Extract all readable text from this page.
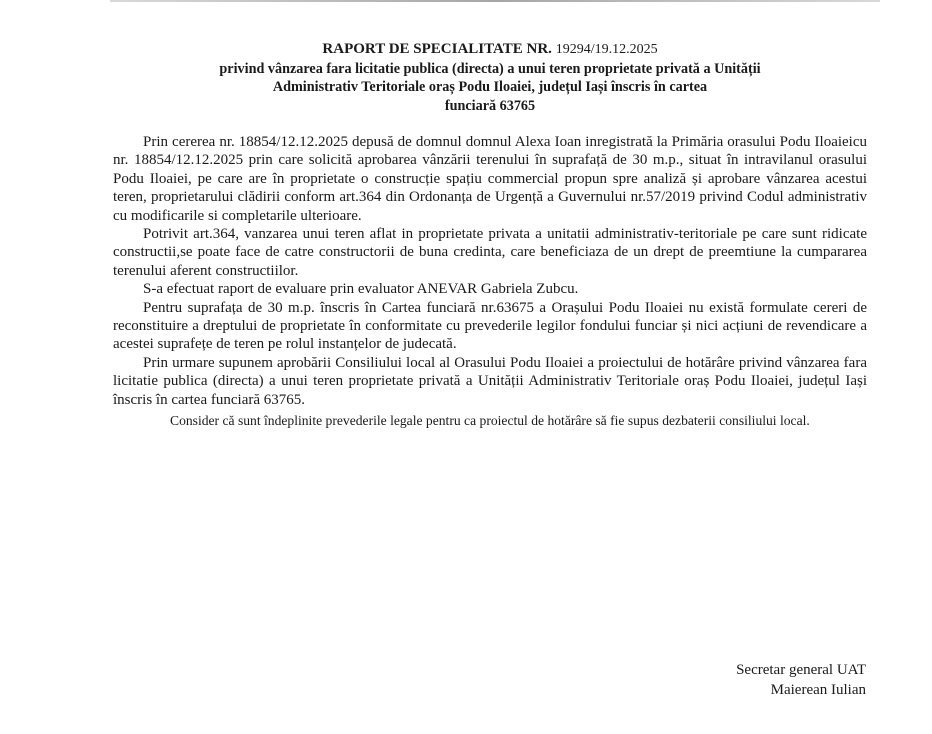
RAPORT DE SPECIALITATE NR. 19294/19.12.2025
privind vânzarea fara licitatie publica (directa) a unui teren proprietate privată a Unității
Administrativ Teritoriale oraș Podu Iloaiei, județul Iași înscris în cartea
funciară 63765

Prin cererea nr. 18854/12.12.2025 depusă de domnul domnul Alexa Ioan inregistrată la Primăria orasului Podu Iloaieicu nr. 18854/12.12.2025 prin care solicită aprobarea vânzării terenului în suprafață de 30 m.p., situat în intravilanul orasului Podu Iloaiei, pe care are în proprietate o construcție spațiu commercial propun spre analiză și aprobare vânzarea acestui teren, proprietarului clădirii conform art.364 din Ordonanța de Urgență a Guvernului nr.57/2019 privind Codul administrativ cu modificarile si completarile ulterioare.

Potrivit art.364, vanzarea unui teren aflat in proprietate privata a unitatii administrativ-teritoriale pe care sunt ridicate constructii,se poate face de catre constructorii de buna credinta, care beneficiaza de un drept de preemtiune la cumpararea terenului aferent constructiilor.

S-a efectuat raport de evaluare prin evaluator ANEVAR Gabriela Zubcu.

Pentru suprafața de 30 m.p. înscris în Cartea funciară nr.63675 a Orașului Podu Iloaiei nu există formulate cereri de reconstituire a dreptului de proprietate în conformitate cu prevederile legilor fondului funciar și nici acțiuni de revendicare a acestei suprafețe de teren pe rolul instanțelor de judecată.

Prin urmare supunem aprobării Consiliului local al Orasului Podu Iloaiei a proiectului de hotărâre privind vânzarea fara licitatie publica (directa) a unui teren proprietate privată a Unității Administrativ Teritoriale oraș Podu Iloaiei, județul Iași înscris în cartea funciară 63765.

Consider că sunt îndeplinite prevederile legale pentru ca proiectul de hotărâre să fie supus dezbaterii consiliului local.

Secretar general UAT
Maierean Iulian
